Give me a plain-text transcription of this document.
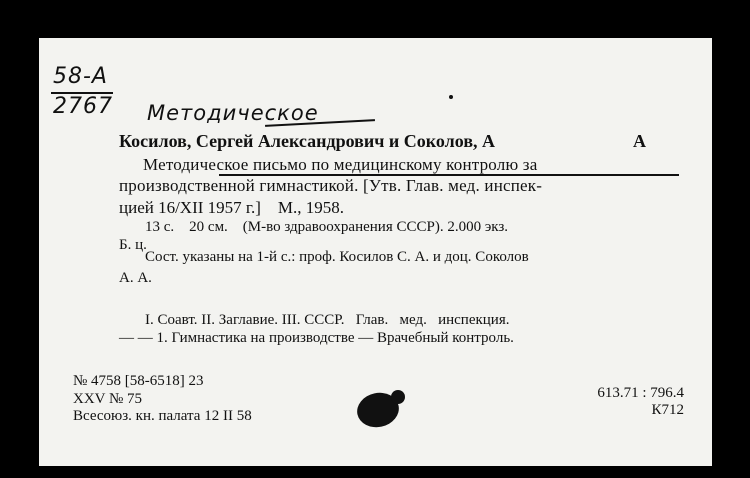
58-A
2767 Методическое
Косилов, Сергей Александрович и Соколов, А	А
Методическое письмо по медицинскому контролю за
производственной гимнастикой. [Утв. Глав. мед. инспек-
цией 16/XII 1957 г.]    М., 1958.
13 с.    20 см.    (М-во здравоохранения СССР). 2.000 экз.
Б. ц.
Сост. указаны на 1-й с.: проф. Косилов С. А. и доц. Соколов
А. А.
I. Соавт. II. Заглавие. III. СССР.   Глав.   мед.   инспекция.
— — 1. Гимнастика на производстве — Врачебный контроль.
№ 4758 [58-6518] 23
XXV № 75
Всесоюз. кн. палата 12 II 58
613.71 : 796.4
К712
